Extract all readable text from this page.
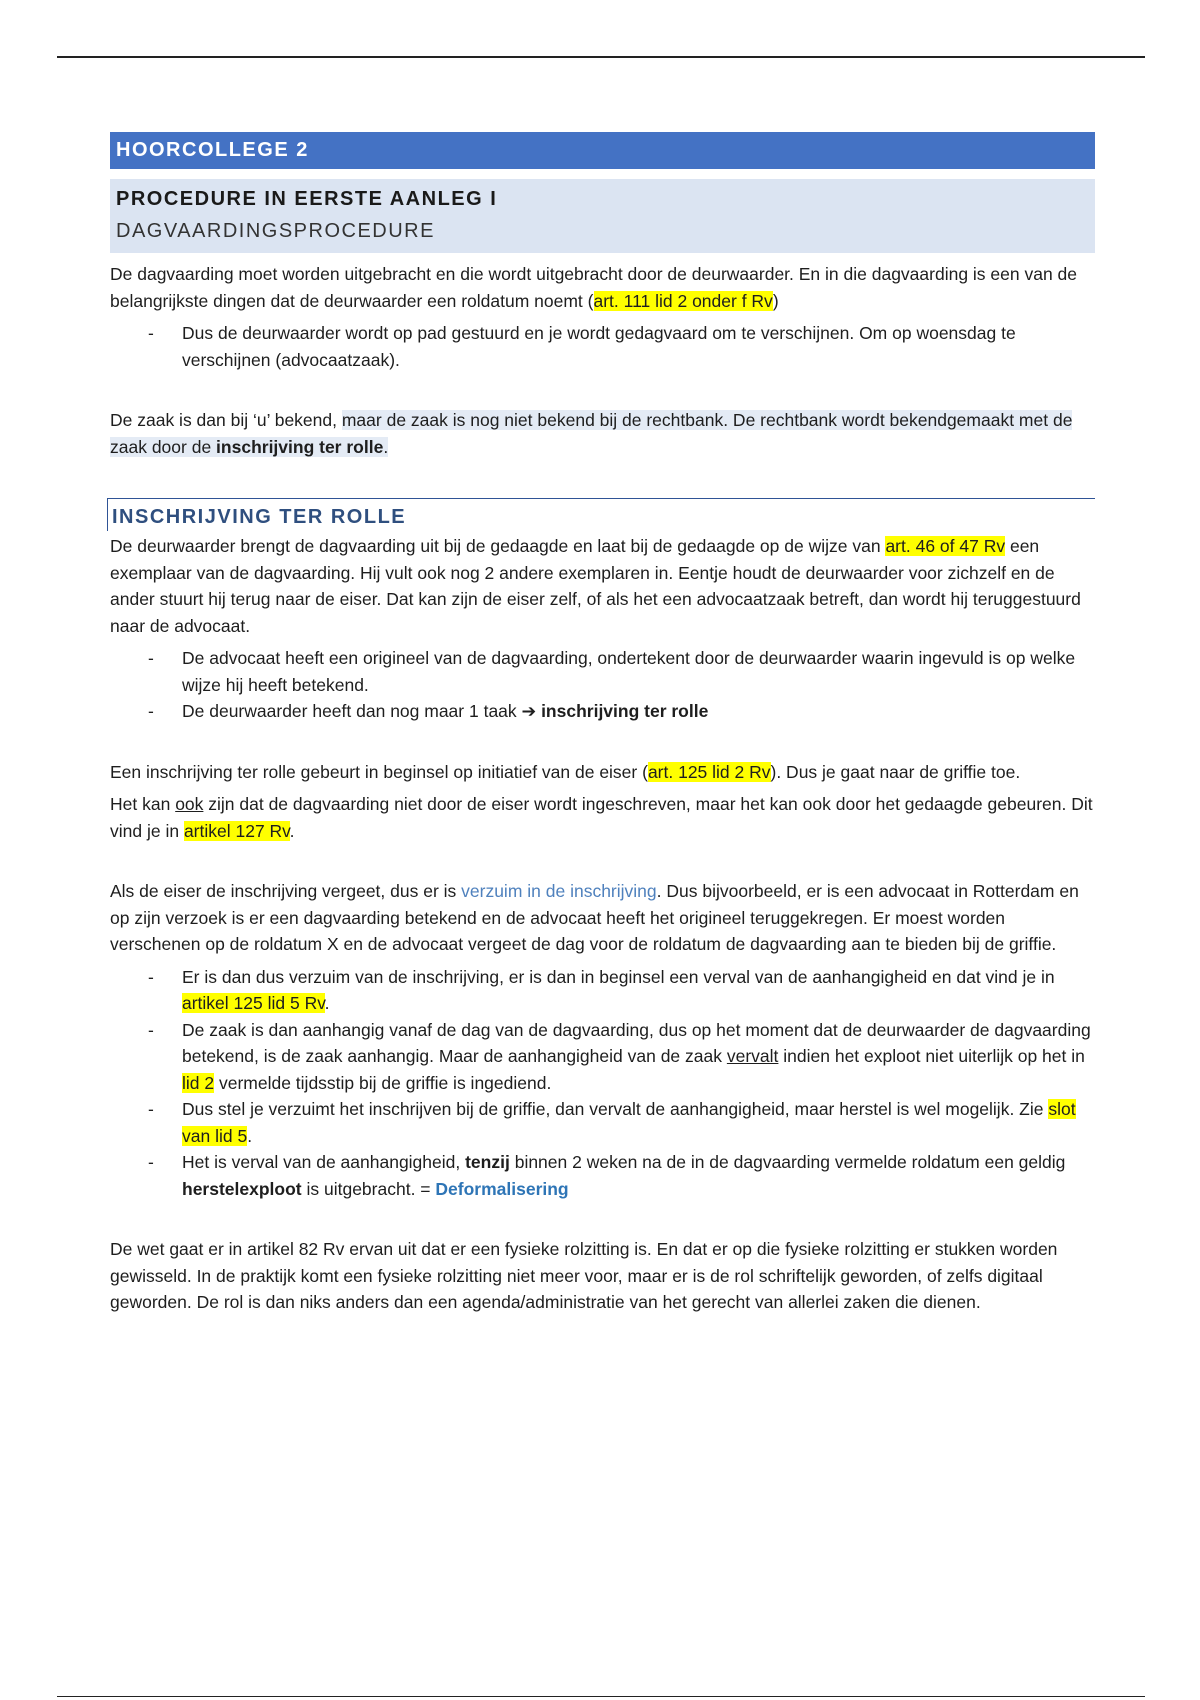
HOORCOLLEGE 2
PROCEDURE IN EERSTE AANLEG I
DAGVAARDINGSPROCEDURE

De dagvaarding moet worden uitgebracht en die wordt uitgebracht door de deurwaarder. En in die dagvaarding is een van de belangrijkste dingen dat de deurwaarder een roldatum noemt (art. 111 lid 2 onder f Rv)

- Dus de deurwaarder wordt op pad gestuurd en je wordt gedagvaard om te verschijnen. Om op woensdag te verschijnen (advocaatzaak).

De zaak is dan bij ‘u’ bekend, maar de zaak is nog niet bekend bij de rechtbank. De rechtbank wordt bekendgemaakt met de zaak door de inschrijving ter rolle.

INSCHRIJVING TER ROLLE

De deurwaarder brengt de dagvaarding uit bij de gedaagde en laat bij de gedaagde op de wijze van art. 46 of 47 Rv een exemplaar van de dagvaarding. Hij vult ook nog 2 andere exemplaren in. Eentje houdt de deurwaarder voor zichzelf en de ander stuurt hij terug naar de eiser. Dat kan zijn de eiser zelf, of als het een advocaatzaak betreft, dan wordt hij teruggestuurd naar de advocaat.

- De advocaat heeft een origineel van de dagvaarding, ondertekent door de deurwaarder waarin ingevuld is op welke wijze hij heeft betekend.
- De deurwaarder heeft dan nog maar 1 taak ➔ inschrijving ter rolle

Een inschrijving ter rolle gebeurt in beginsel op initiatief van de eiser (art. 125 lid 2 Rv). Dus je gaat naar de griffie toe.

Het kan ook zijn dat de dagvaarding niet door de eiser wordt ingeschreven, maar het kan ook door het gedaagde gebeuren. Dit vind je in artikel 127 Rv.

Als de eiser de inschrijving vergeet, dus er is verzuim in de inschrijving. Dus bijvoorbeeld, er is een advocaat in Rotterdam en op zijn verzoek is er een dagvaarding betekend en de advocaat heeft het origineel teruggekregen. Er moest worden verschenen op de roldatum X en de advocaat vergeet de dag voor de roldatum de dagvaarding aan te bieden bij de griffie.

- Er is dan dus verzuim van de inschrijving, er is dan in beginsel een verval van de aanhangigheid en dat vind je in artikel 125 lid 5 Rv.
- De zaak is dan aanhangig vanaf de dag van de dagvaarding, dus op het moment dat de deurwaarder de dagvaarding betekend, is de zaak aanhangig. Maar de aanhangigheid van de zaak vervalt indien het exploot niet uiterlijk op het in lid 2 vermelde tijdsstip bij de griffie is ingediend.
- Dus stel je verzuimt het inschrijven bij de griffie, dan vervalt de aanhangigheid, maar herstel is wel mogelijk. Zie slot van lid 5.
- Het is verval van de aanhangigheid, tenzij binnen 2 weken na de in de dagvaarding vermelde roldatum een geldig herstelexploot is uitgebracht. = Deformalisering

De wet gaat er in artikel 82 Rv ervan uit dat er een fysieke rolzitting is. En dat er op die fysieke rolzitting er stukken worden gewisseld. In de praktijk komt een fysieke rolzitting niet meer voor, maar er is de rol schriftelijk geworden, of zelfs digitaal geworden. De rol is dan niks anders dan een agenda/administratie van het gerecht van allerlei zaken die dienen.
